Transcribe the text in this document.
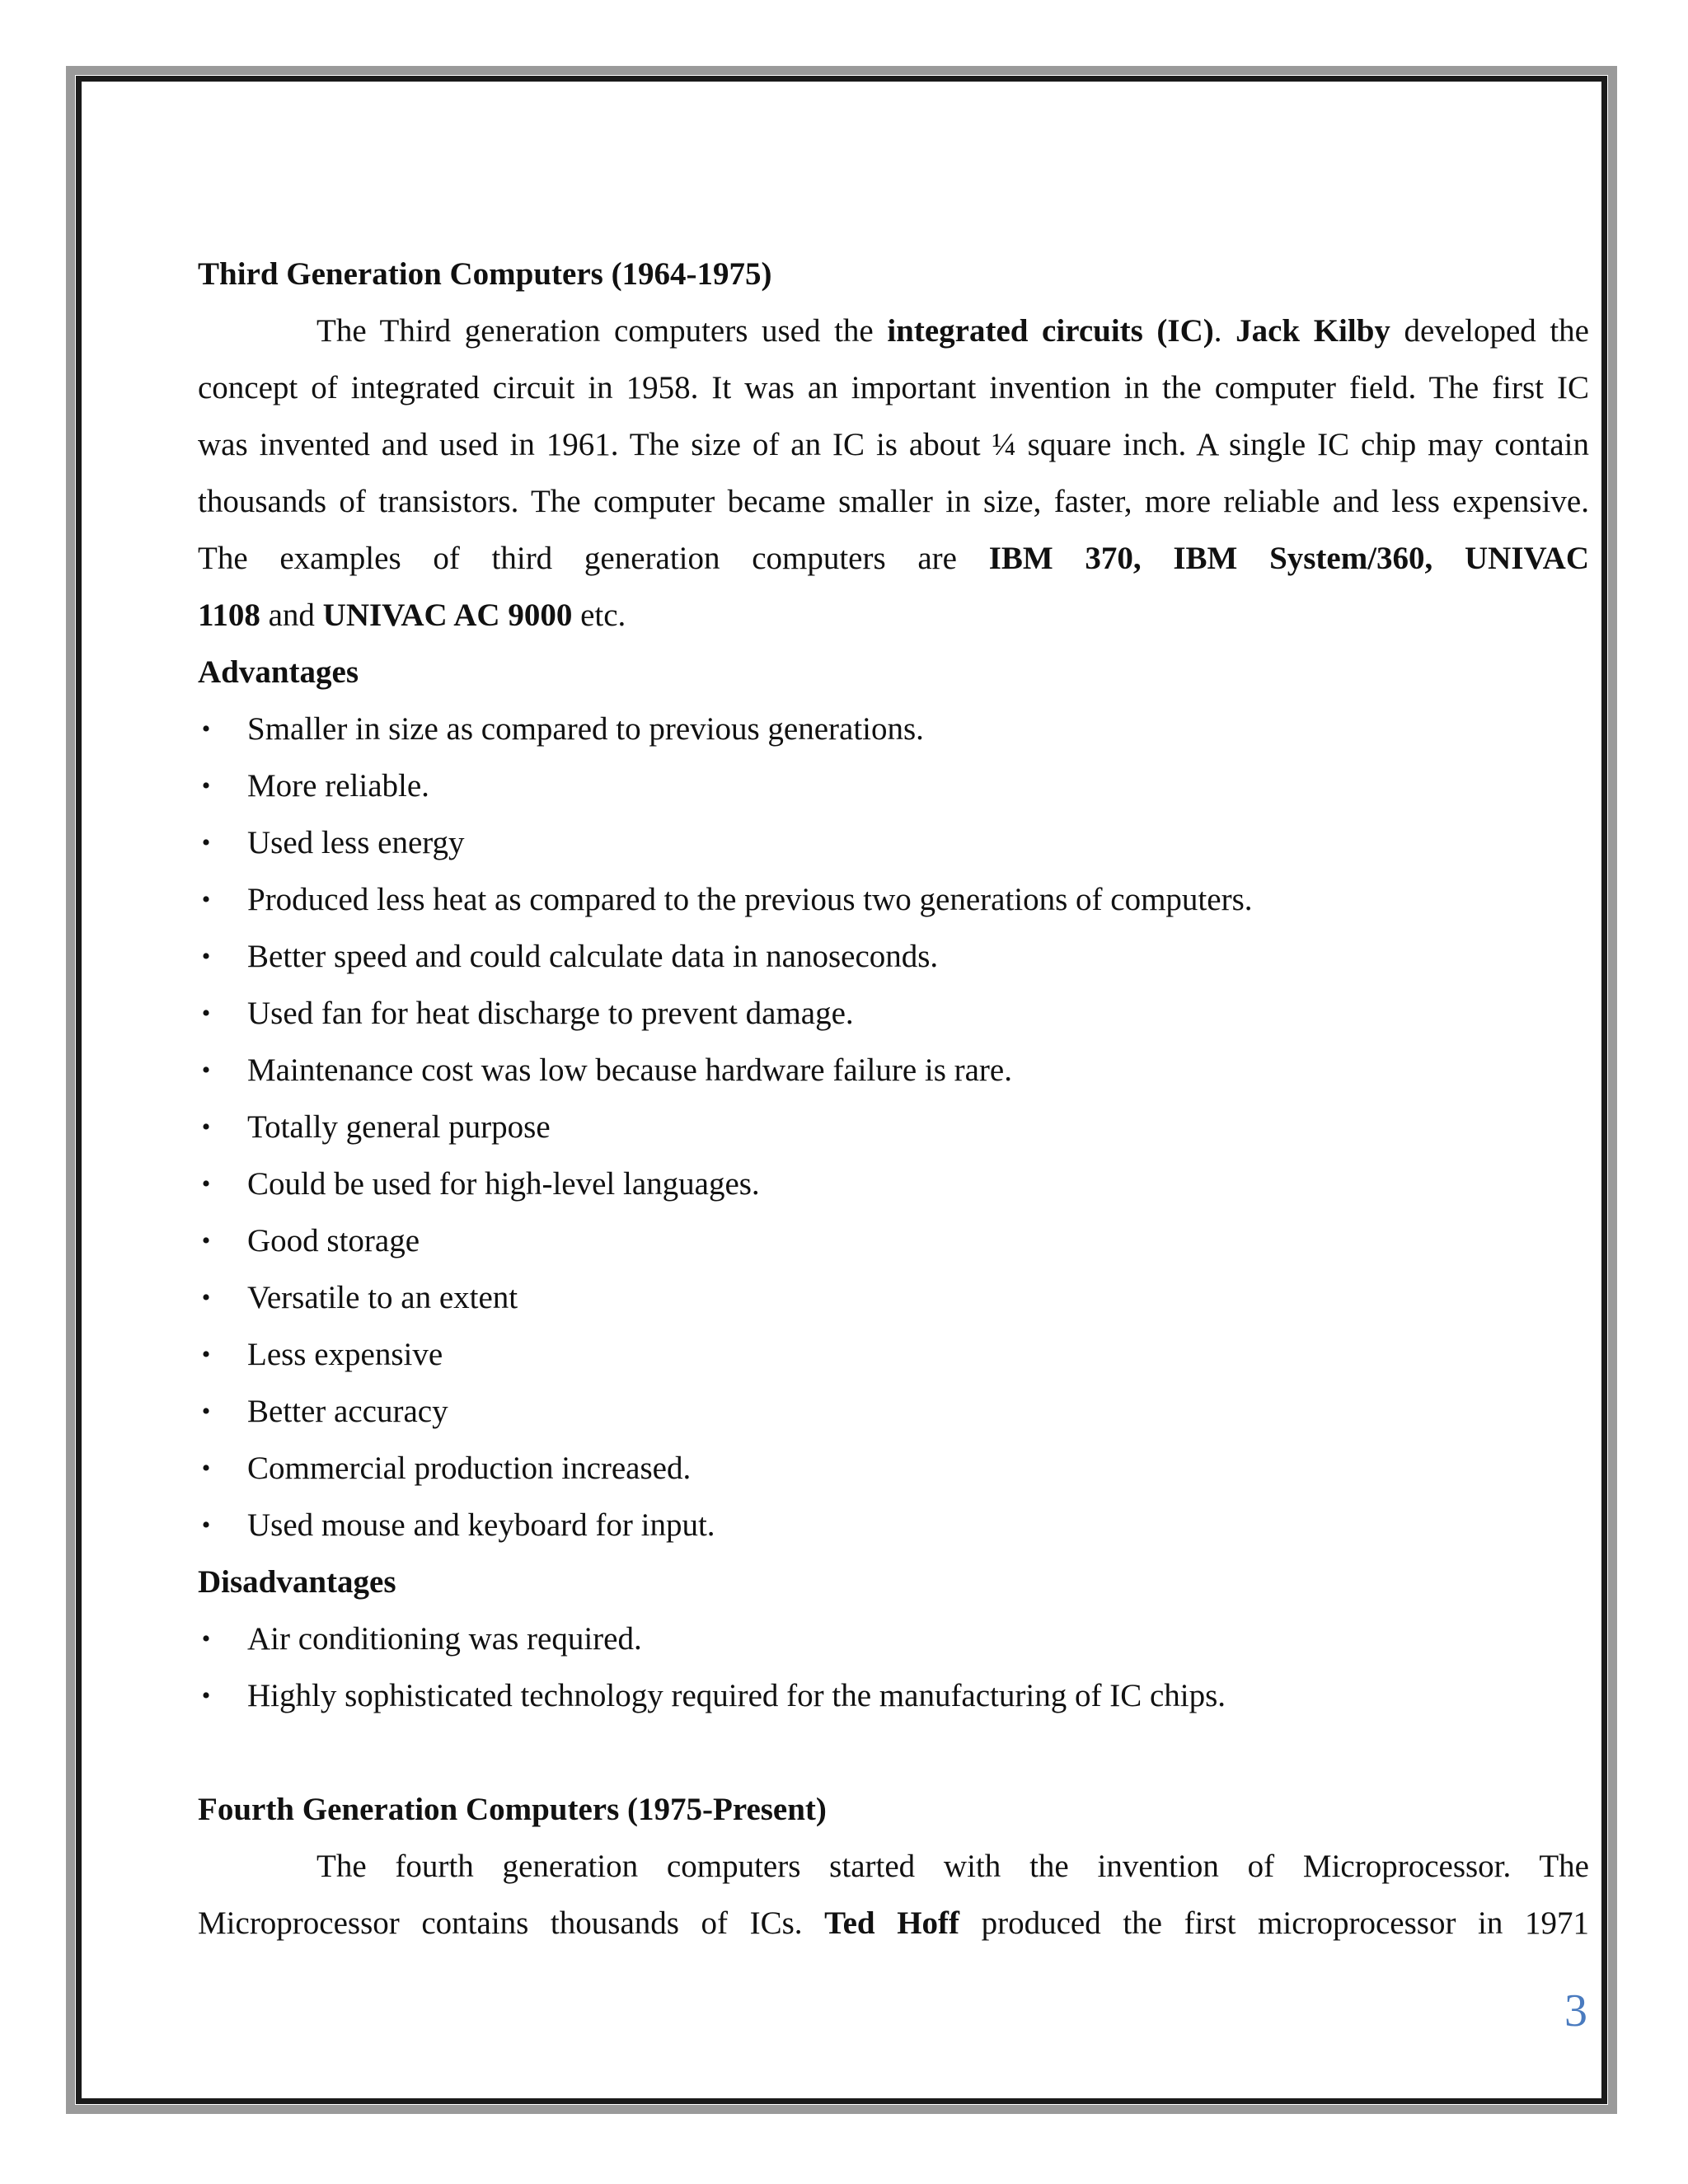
Third Generation Computers (1964-1975)
The Third generation computers used the integrated circuits (IC). Jack Kilby developed the
concept of integrated circuit in 1958. It was an important invention in the computer field. The first IC
was invented and used in 1961. The size of an IC is about ¼ square inch. A single IC chip may contain
thousands of transistors. The computer became smaller in size, faster, more reliable and less expensive.
The examples of third generation computers are IBM 370, IBM System/360, UNIVAC
1108 and UNIVAC AC 9000 etc.
Advantages
• Smaller in size as compared to previous generations.
• More reliable.
• Used less energy
• Produced less heat as compared to the previous two generations of computers.
• Better speed and could calculate data in nanoseconds.
• Used fan for heat discharge to prevent damage.
• Maintenance cost was low because hardware failure is rare.
• Totally general purpose
• Could be used for high-level languages.
• Good storage
• Versatile to an extent
• Less expensive
• Better accuracy
• Commercial production increased.
• Used mouse and keyboard for input.
Disadvantages
• Air conditioning was required.
• Highly sophisticated technology required for the manufacturing of IC chips.
Fourth Generation Computers (1975-Present)
The fourth generation computers started with the invention of Microprocessor. The
Microprocessor contains thousands of ICs. Ted Hoff produced the first microprocessor in 1971
3
